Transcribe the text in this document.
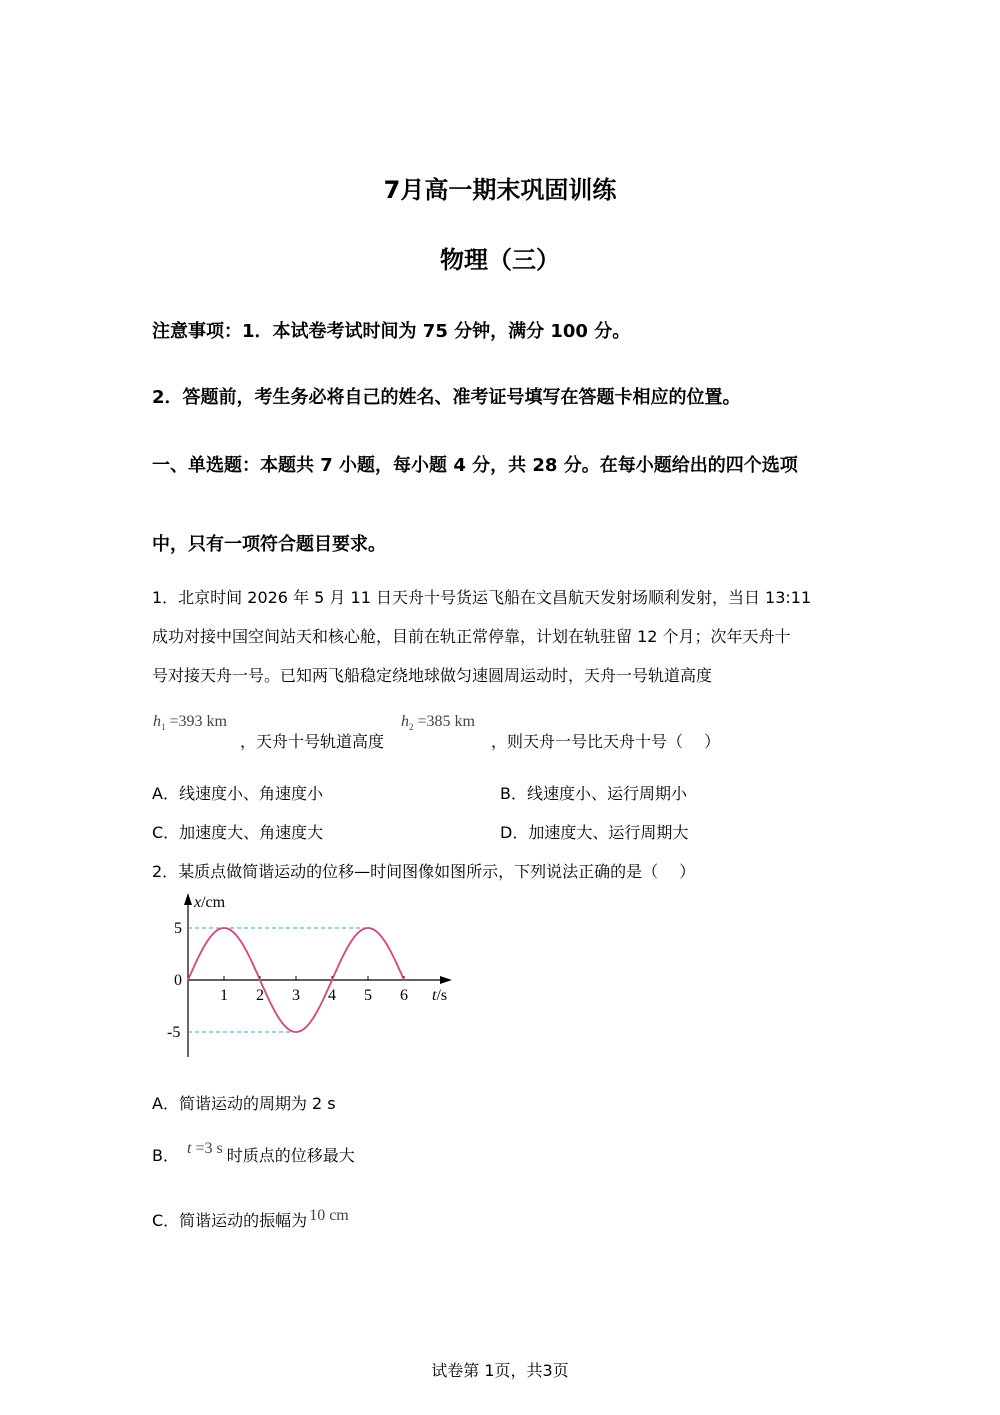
7月高一期末巩固训练
物理（三）
注意事项：1．本试卷考试时间为 75 分钟，满分 100 分。
2．答题前，考生务必将自己的姓名、准考证号填写在答题卡相应的位置。
一、单选题：本题共 7 小题，每小题 4 分，共 28 分。在每小题给出的四个选项
中，只有一项符合题目要求。
1．北京时间 2026 年 5 月 11 日天舟十号货运飞船在文昌航天发射场顺利发射，当日 13:11
成功对接中国空间站天和核心舱，目前在轨正常停靠，计划在轨驻留 12 个月；次年天舟十
号对接天舟一号。已知两飞船稳定绕地球做匀速圆周运动时，天舟一号轨道高度
$h_1 =393$ km
，天舟十号轨道高度
$h_2 =385$ km
，则天舟一号比天舟十号（　 ）
A．线速度小、角速度小	B．线速度小、运行周期小
C．加速度大、角速度大	D．加速度大、运行周期大
2．某质点做简谐运动的位移—时间图像如图所示，下列说法正确的是（　 ）
1 2 3 4 5 6
5
0
-5
x/cm
t/s
A．简谐运动的周期为 2 s
B． t =3 s 时质点的位移最大
C．简谐运动的振幅为 10 cm
试卷第 1页，共3页
